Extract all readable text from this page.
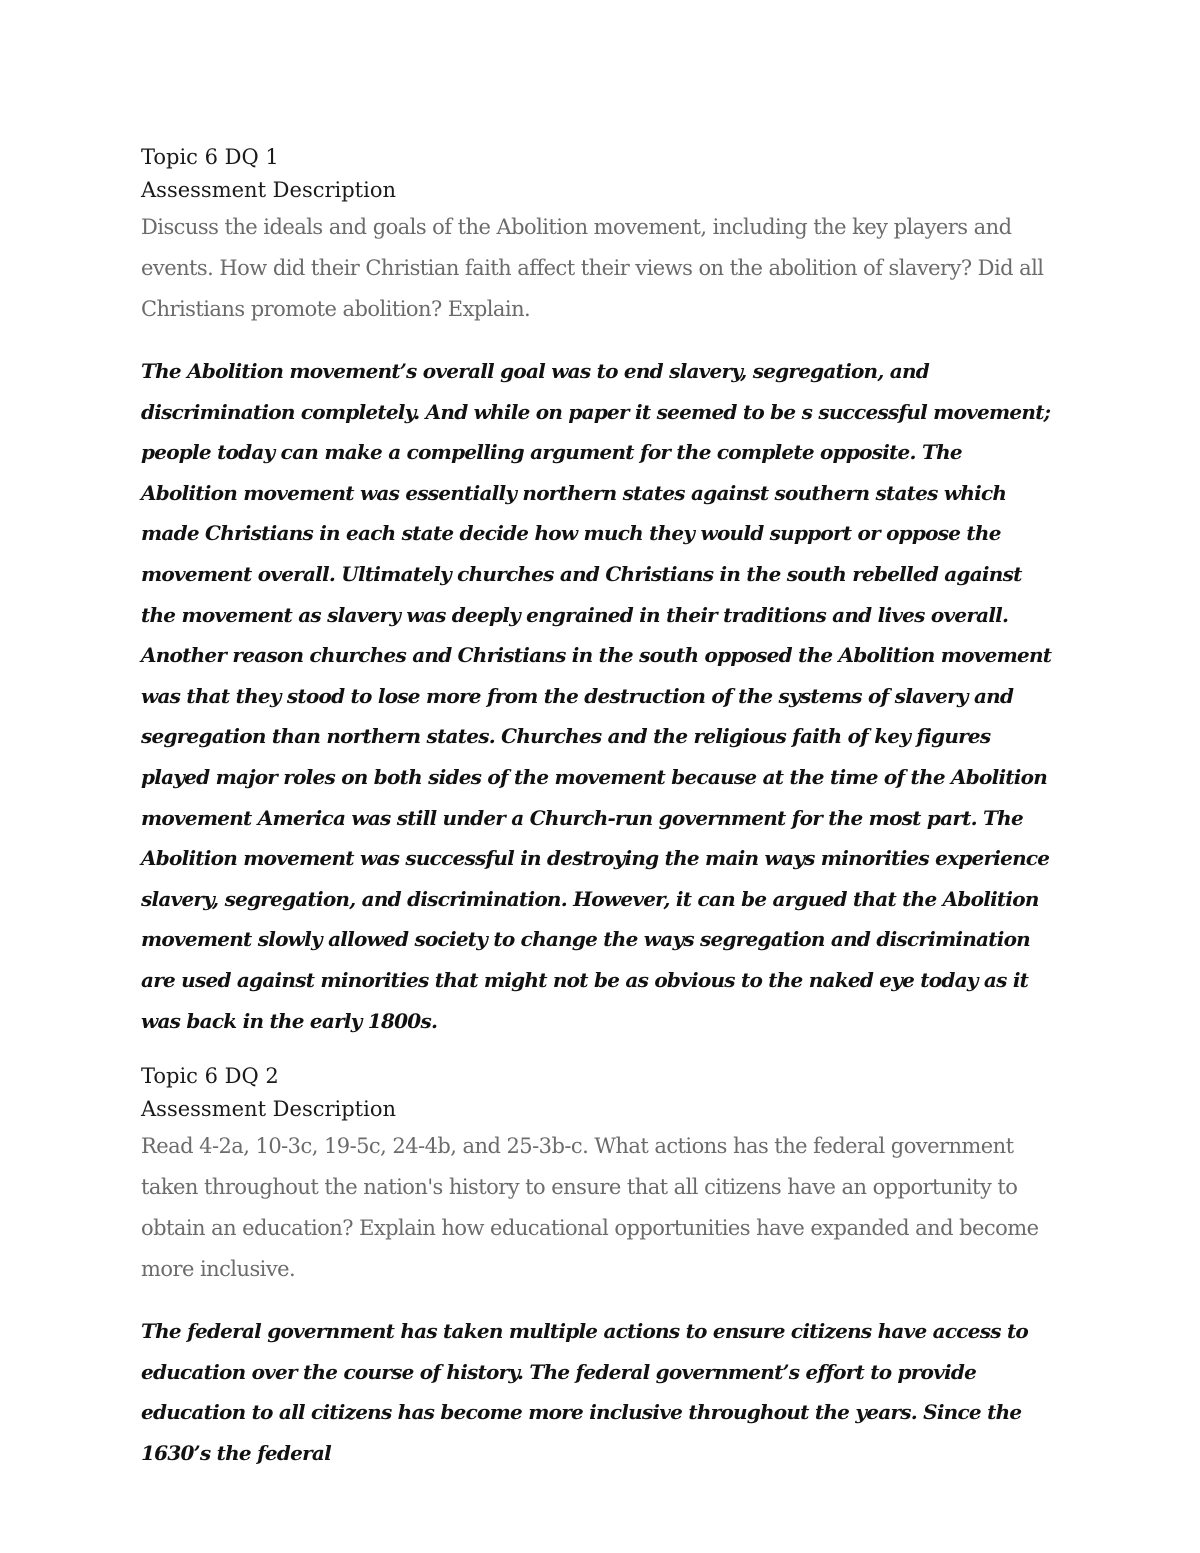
Topic 6 DQ 1

Assessment Description

Discuss the ideals and goals of the Abolition movement, including the key players and events. How did their Christian faith affect their views on the abolition of slavery? Did all Christians promote abolition? Explain.

The Abolition movement’s overall goal was to end slavery, segregation, and discrimination completely. And while on paper it seemed to be s successful movement; people today can make a compelling argument for the complete opposite. The Abolition movement was essentially northern states against southern states which made Christians in each state decide how much they would support or oppose the movement overall. Ultimately churches and Christians in the south rebelled against the movement as slavery was deeply engrained in their traditions and lives overall. Another reason churches and Christians in the south opposed the Abolition movement was that they stood to lose more from the destruction of the systems of slavery and segregation than northern states. Churches and the religious faith of key figures played major roles on both sides of the movement because at the time of the Abolition movement America was still under a Church-run government for the most part. The Abolition movement was successful in destroying the main ways minorities experience slavery, segregation, and discrimination. However, it can be argued that the Abolition movement slowly allowed society to change the ways segregation and discrimination are used against minorities that might not be as obvious to the naked eye today as it was back in the early 1800s.

Topic 6 DQ 2

Assessment Description

Read 4-2a, 10-3c, 19-5c, 24-4b, and 25-3b-c. What actions has the federal government taken throughout the nation's history to ensure that all citizens have an opportunity to obtain an education? Explain how educational opportunities have expanded and become more inclusive.

The federal government has taken multiple actions to ensure citizens have access to education over the course of history. The federal government’s effort to provide education to all citizens has become more inclusive throughout the years. Since the 1630’s the federal
